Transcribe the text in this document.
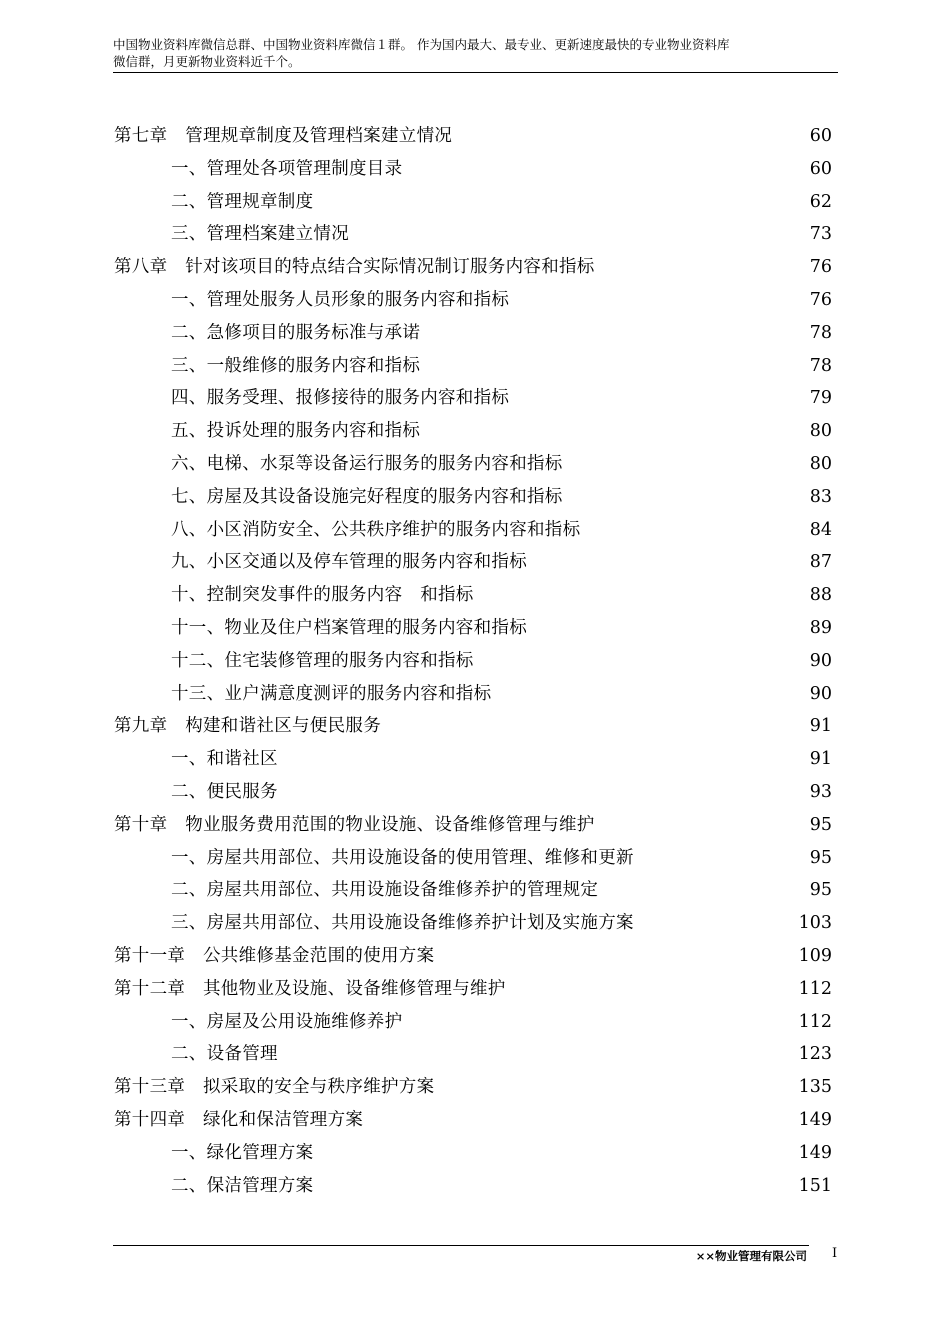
中国物业资料库微信总群、中国物业资料库微信１群。 作为国内最大、最专业、更新速度最快的专业物业资料库
微信群，月更新物业资料近千个。
第七章　管理规章制度及管理档案建立情况	60
一、管理处各项管理制度目录	60
二、管理规章制度	62
三、管理档案建立情况	73
第八章　针对该项目的特点结合实际情况制订服务内容和指标	76
一、管理处服务人员形象的服务内容和指标	76
二、急修项目的服务标准与承诺	78
三、一般维修的服务内容和指标	78
四、服务受理、报修接待的服务内容和指标	79
五、投诉处理的服务内容和指标	80
六、电梯、水泵等设备运行服务的服务内容和指标	80
七、房屋及其设备设施完好程度的服务内容和指标	83
八、小区消防安全、公共秩序维护的服务内容和指标	84
九、小区交通以及停车管理的服务内容和指标	87
十、控制突发事件的服务内容　和指标	88
十一、物业及住户档案管理的服务内容和指标	89
十二、住宅装修管理的服务内容和指标	90
十三、业户满意度测评的服务内容和指标	90
第九章　构建和谐社区与便民服务	91
一、和谐社区	91
二、便民服务	93
第十章　物业服务费用范围的物业设施、设备维修管理与维护	95
一、房屋共用部位、共用设施设备的使用管理、维修和更新	95
二、房屋共用部位、共用设施设备维修养护的管理规定	95
三、房屋共用部位、共用设施设备维修养护计划及实施方案	103
第十一章　公共维修基金范围的使用方案	109
第十二章　其他物业及设施、设备维修管理与维护	112
一、房屋及公用设施维修养护	112
二、设备管理	123
第十三章　拟采取的安全与秩序维护方案	135
第十四章　绿化和保洁管理方案	149
一、绿化管理方案	149
二、保洁管理方案	151
××物业管理有限公司 I
